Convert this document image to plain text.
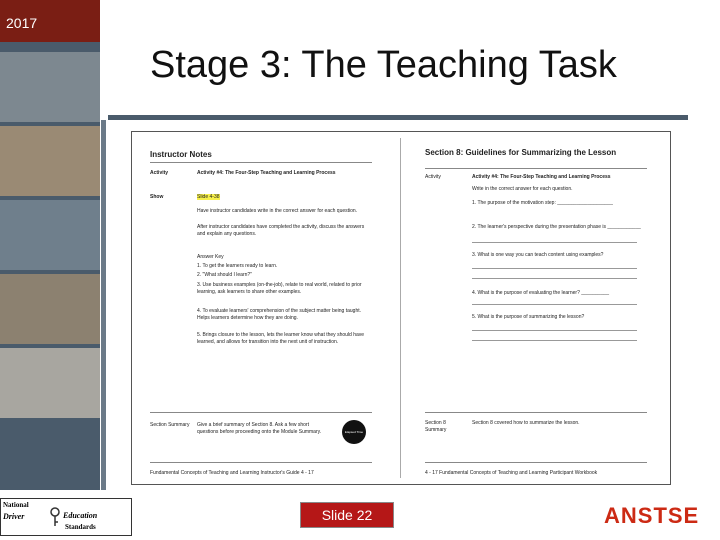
2017
Stage 3: The Teaching Task
Instructor Notes
Activity	Activity #4: The Four-Step Teaching and Learning Process
Show	Slide 4-38
Have instructor candidates write in the correct answer for each question.
After instructor candidates have completed the activity, discuss the answers and explain any questions.
Answer Key
1. To get the learners ready to learn.
2. "What should I learn?"
3. Use business examples (on-the-job), relate to real world, related to prior learning, ask learners to share other examples.
4. To evaluate learners' comprehension of the subject matter being taught. Helps learners determine how they are doing.
5. Brings closure to the lesson, lets the learner know what they should have learned, and allows for transition into the next unit of instruction.
Section Summary Give a brief summary of Section 8. Ask a few short questions before proceeding onto the Module Summary.	Elapsed Time
Fundamental Concepts of Teaching and Learning Instructor's Guide 4 - 17
Section 8: Guidelines for Summarizing the Lesson
Activity	Activity #4: The Four-Step Teaching and Learning Process
Write in the correct answer for each question.
1. The purpose of the motivation step: ____________________
2. The learner's perspective during the presentation phase is ____________
3. What is one way you can teach content using examples?
4. What is the purpose of evaluating the learner? __________
5. What is the purpose of summarizing the lesson?
Section 8 Summary
Section 8 covered how to summarize the lesson.
4 - 17 Fundamental Concepts of Teaching and Learning Participant Workbook
National
Driver	Education
Standards
Slide 22	ANSTSE
